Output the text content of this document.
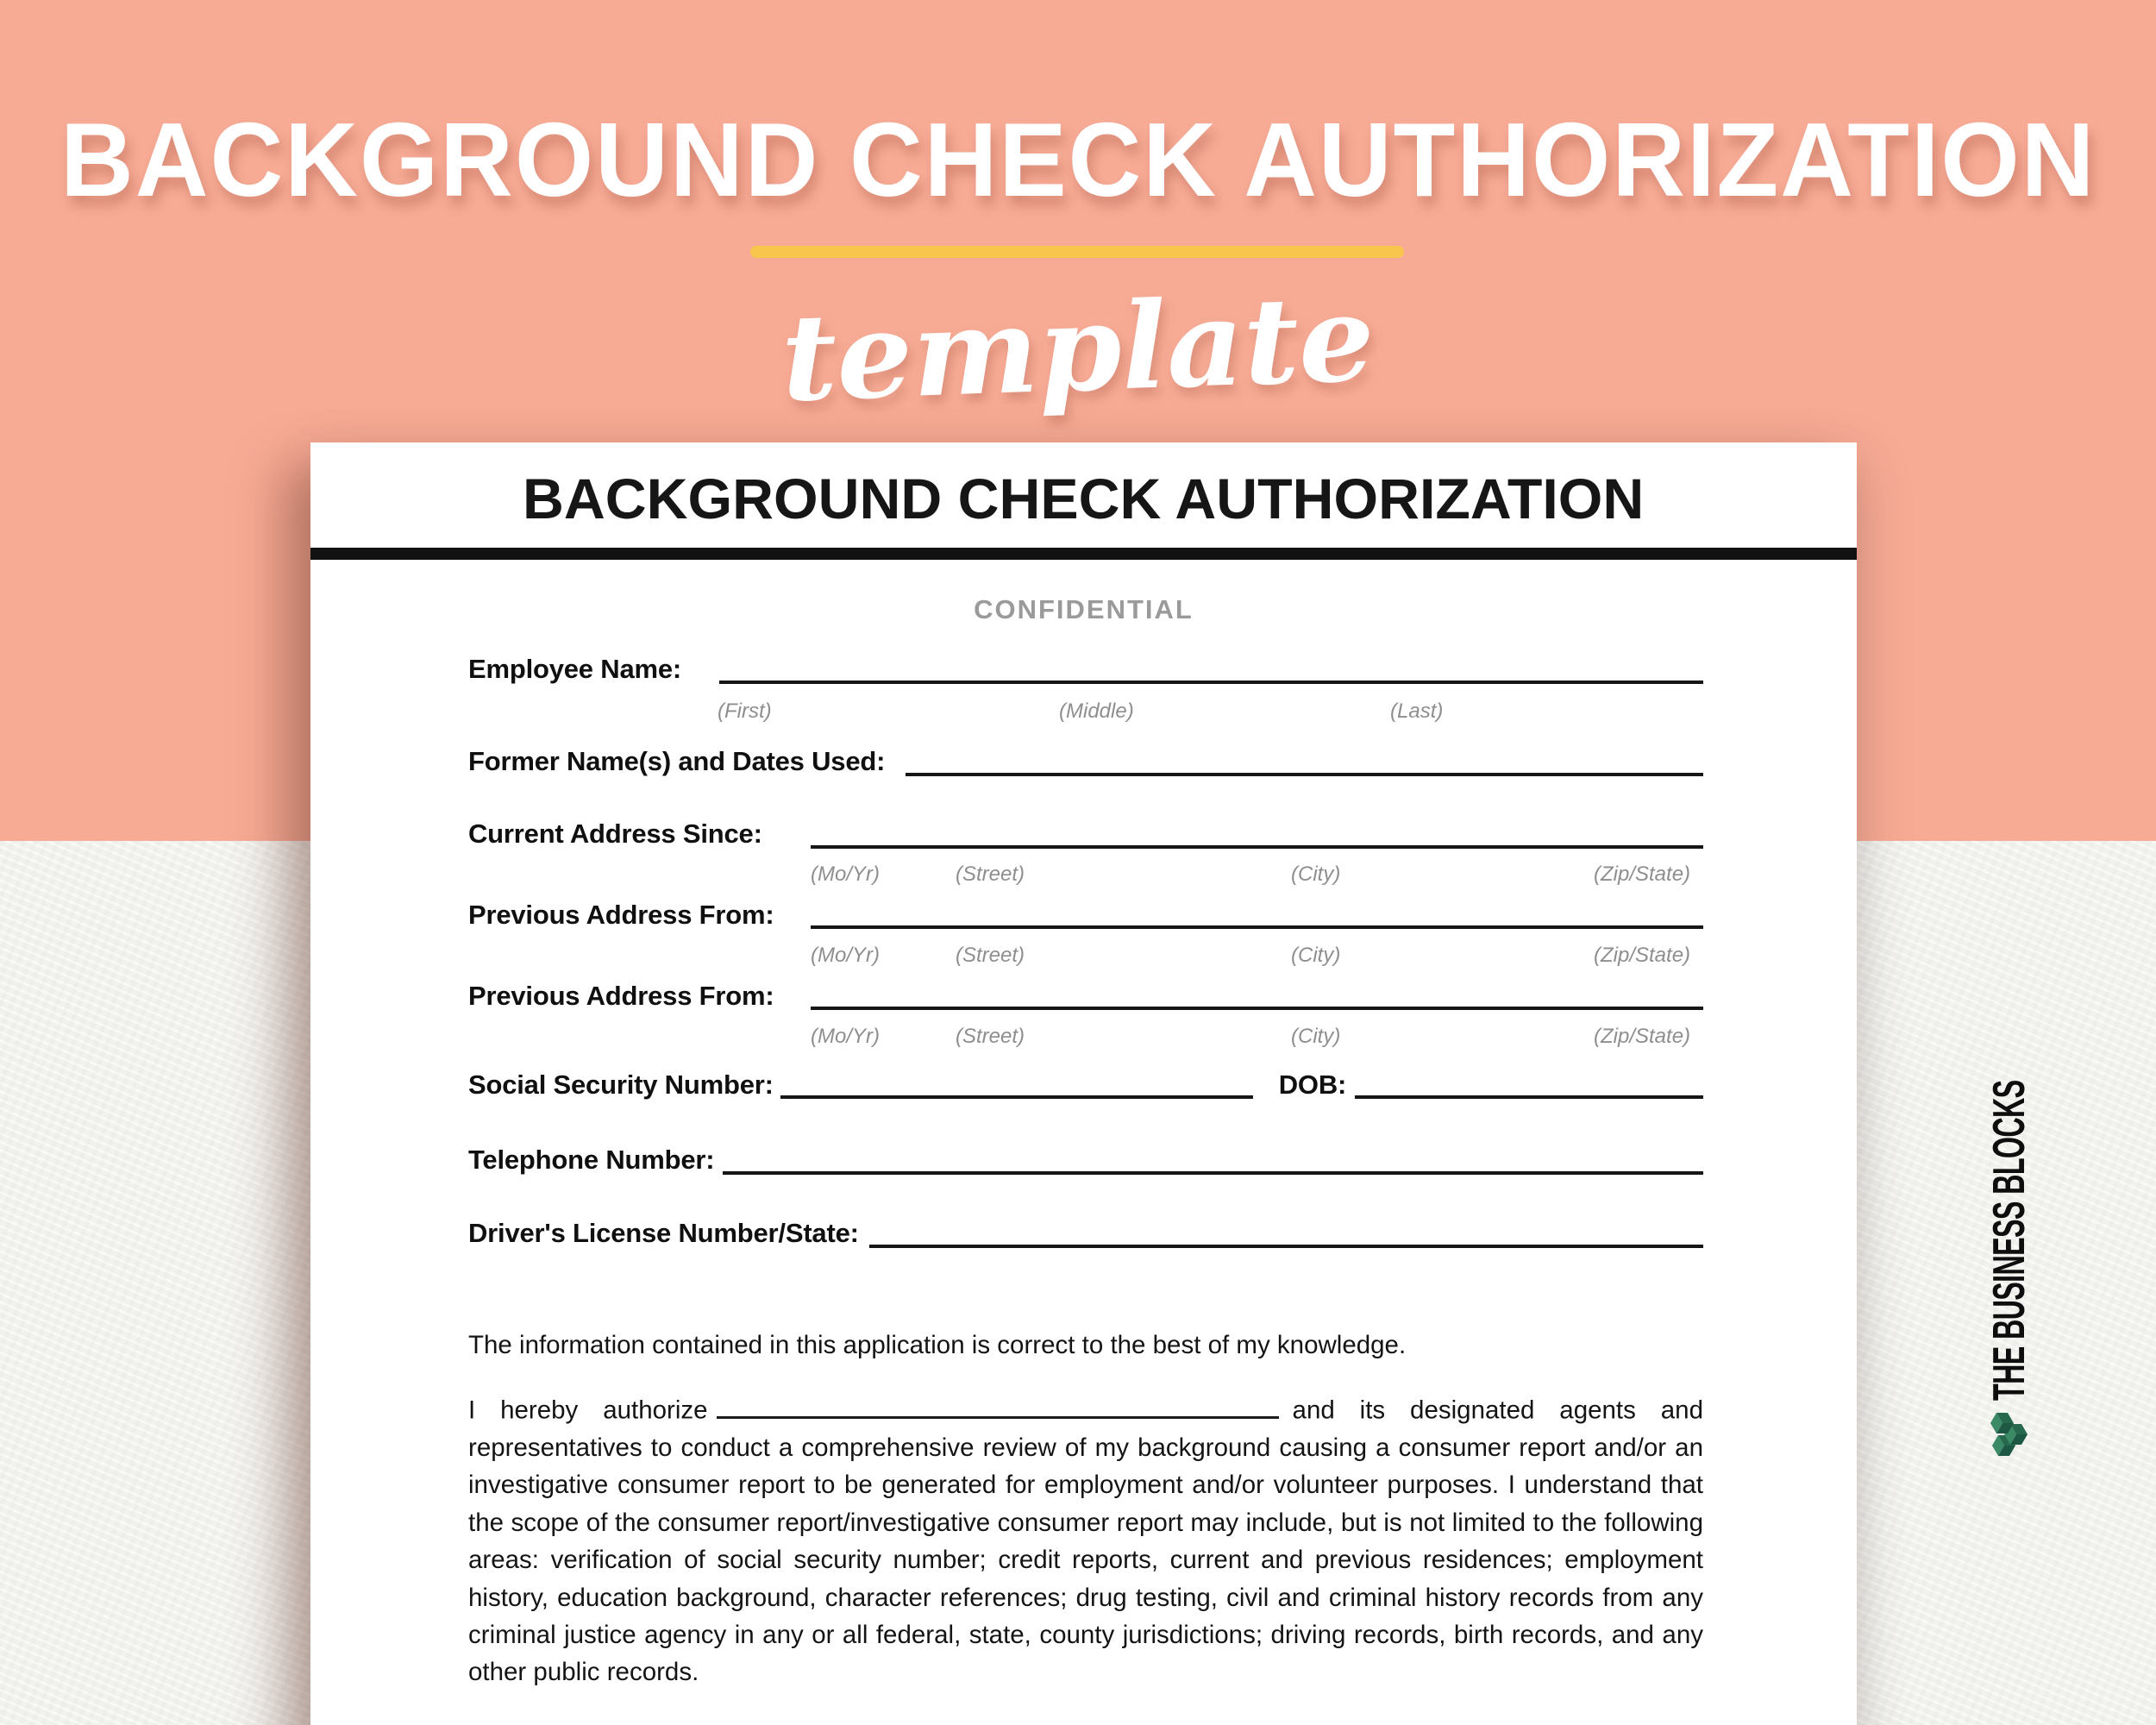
BACKGROUND CHECK AUTHORIZATION
template
BACKGROUND CHECK AUTHORIZATION
CONFIDENTIAL
Employee Name:
(First)	(Middle)	(Last)
Former Name(s) and Dates Used:
Current Address Since:
(Mo/Yr)	(Street)	(City)	(Zip/State)
Previous Address From:
(Mo/Yr)	(Street)	(City)	(Zip/State)
Previous Address From:
(Mo/Yr)	(Street)	(City)	(Zip/State)
Social Security Number:	DOB:
Telephone Number:
Driver's License Number/State:
The information contained in this application is correct to the best of my knowledge.
I hereby authorize	and its designated agents and representatives to conduct a comprehensive review of my background causing a consumer report and/or an investigative consumer report to be generated for employment and/or volunteer purposes. I understand that the scope of the consumer report/investigative consumer report may include, but is not limited to the following areas: verification of social security number; credit reports, current and previous residences; employment history, education background, character references; drug testing, civil and criminal history records from any criminal justice agency in any or all federal, state, county jurisdictions; driving records, birth records, and any other public records.
THE BUSINESS BLOCKS
